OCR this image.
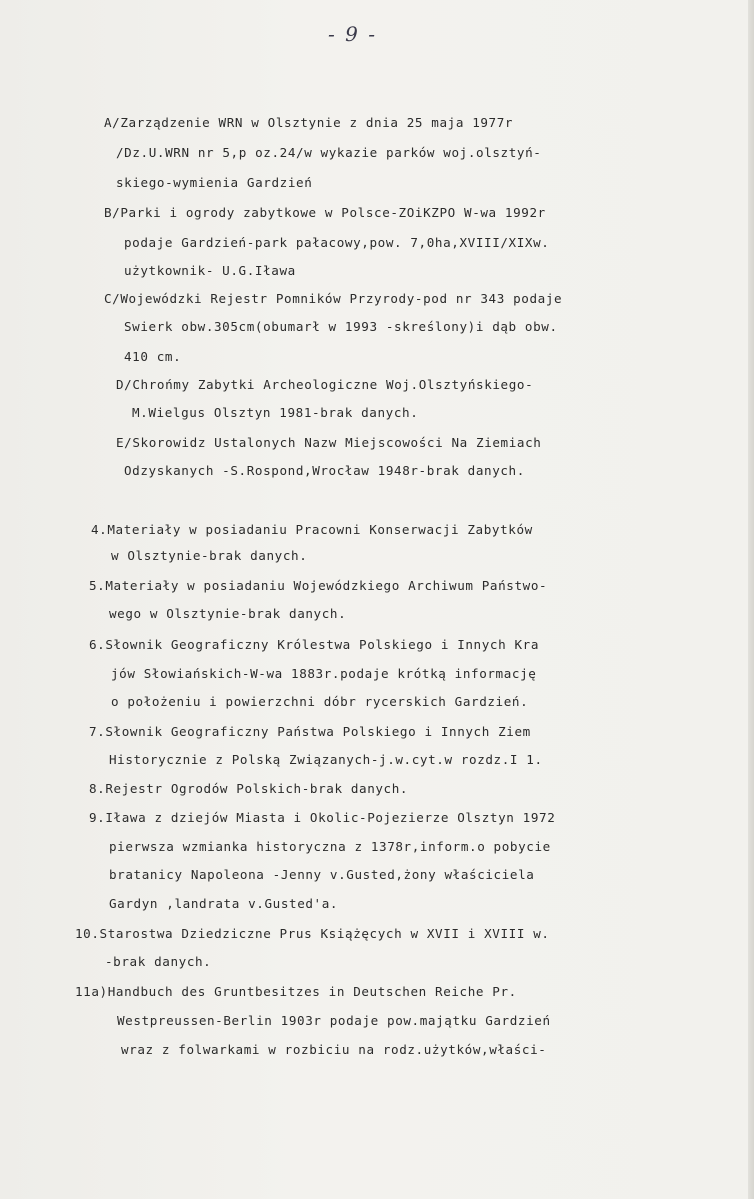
- 9 -
A/Zarządzenie WRN w Olsztynie z dnia 25 maja 1977r
/Dz.U.WRN nr 5,p oz.24/w wykazie parków woj.olsztyń-
skiego-wymienia Gardzień
B/Parki i ogrody zabytkowe w Polsce-ZOiKZPO W-wa 1992r
podaje Gardzień-park pałacowy,pow. 7,0ha,XVIII/XIXw.
użytkownik- U.G.Iława
C/Wojewódzki Rejestr Pomników Przyrody-pod nr 343 podaje
Swierk obw.305cm(obumarł w 1993 -skreślony)i dąb obw.
410 cm.
D/Chrońmy Zabytki Archeologiczne Woj.Olsztyńskiego-
M.Wielgus Olsztyn 1981-brak danych.
E/Skorowidz Ustalonych Nazw Miejscowości Na Ziemiach
Odzyskanych -S.Rospond,Wrocław 1948r-brak danych.
4.Materiały w posiadaniu Pracowni Konserwacji Zabytków
w Olsztynie-brak danych.
5.Materiały w posiadaniu Wojewódzkiego Archiwum Państwo-
wego w Olsztynie-brak danych.
6.Słownik Geograficzny Królestwa Polskiego i Innych Kra
jów Słowiańskich-W-wa 1883r.podaje krótką informację
o położeniu i powierzchni dóbr rycerskich Gardzień.
7.Słownik Geograficzny Państwa Polskiego i Innych Ziem
Historycznie z Polską Związanych-j.w.cyt.w rozdz.I 1.
8.Rejestr Ogrodów Polskich-brak danych.
9.Iława z dziejów Miasta i Okolic-Pojezierze Olsztyn 1972
pierwsza wzmianka historyczna z 1378r,inform.o pobycie
bratanicy Napoleona -Jenny v.Gusted,żony właściciela
Gardyn ,landrata v.Gusted'a.
10.Starostwa Dziedziczne Prus Książęcych w XVII i XVIII w.
-brak danych.
11a)Handbuch des Gruntbesitzes in Deutschen Reiche Pr.
Westpreussen-Berlin 1903r podaje pow.majątku Gardzień
wraz z folwarkami w rozbiciu na rodz.użytków,właści-
